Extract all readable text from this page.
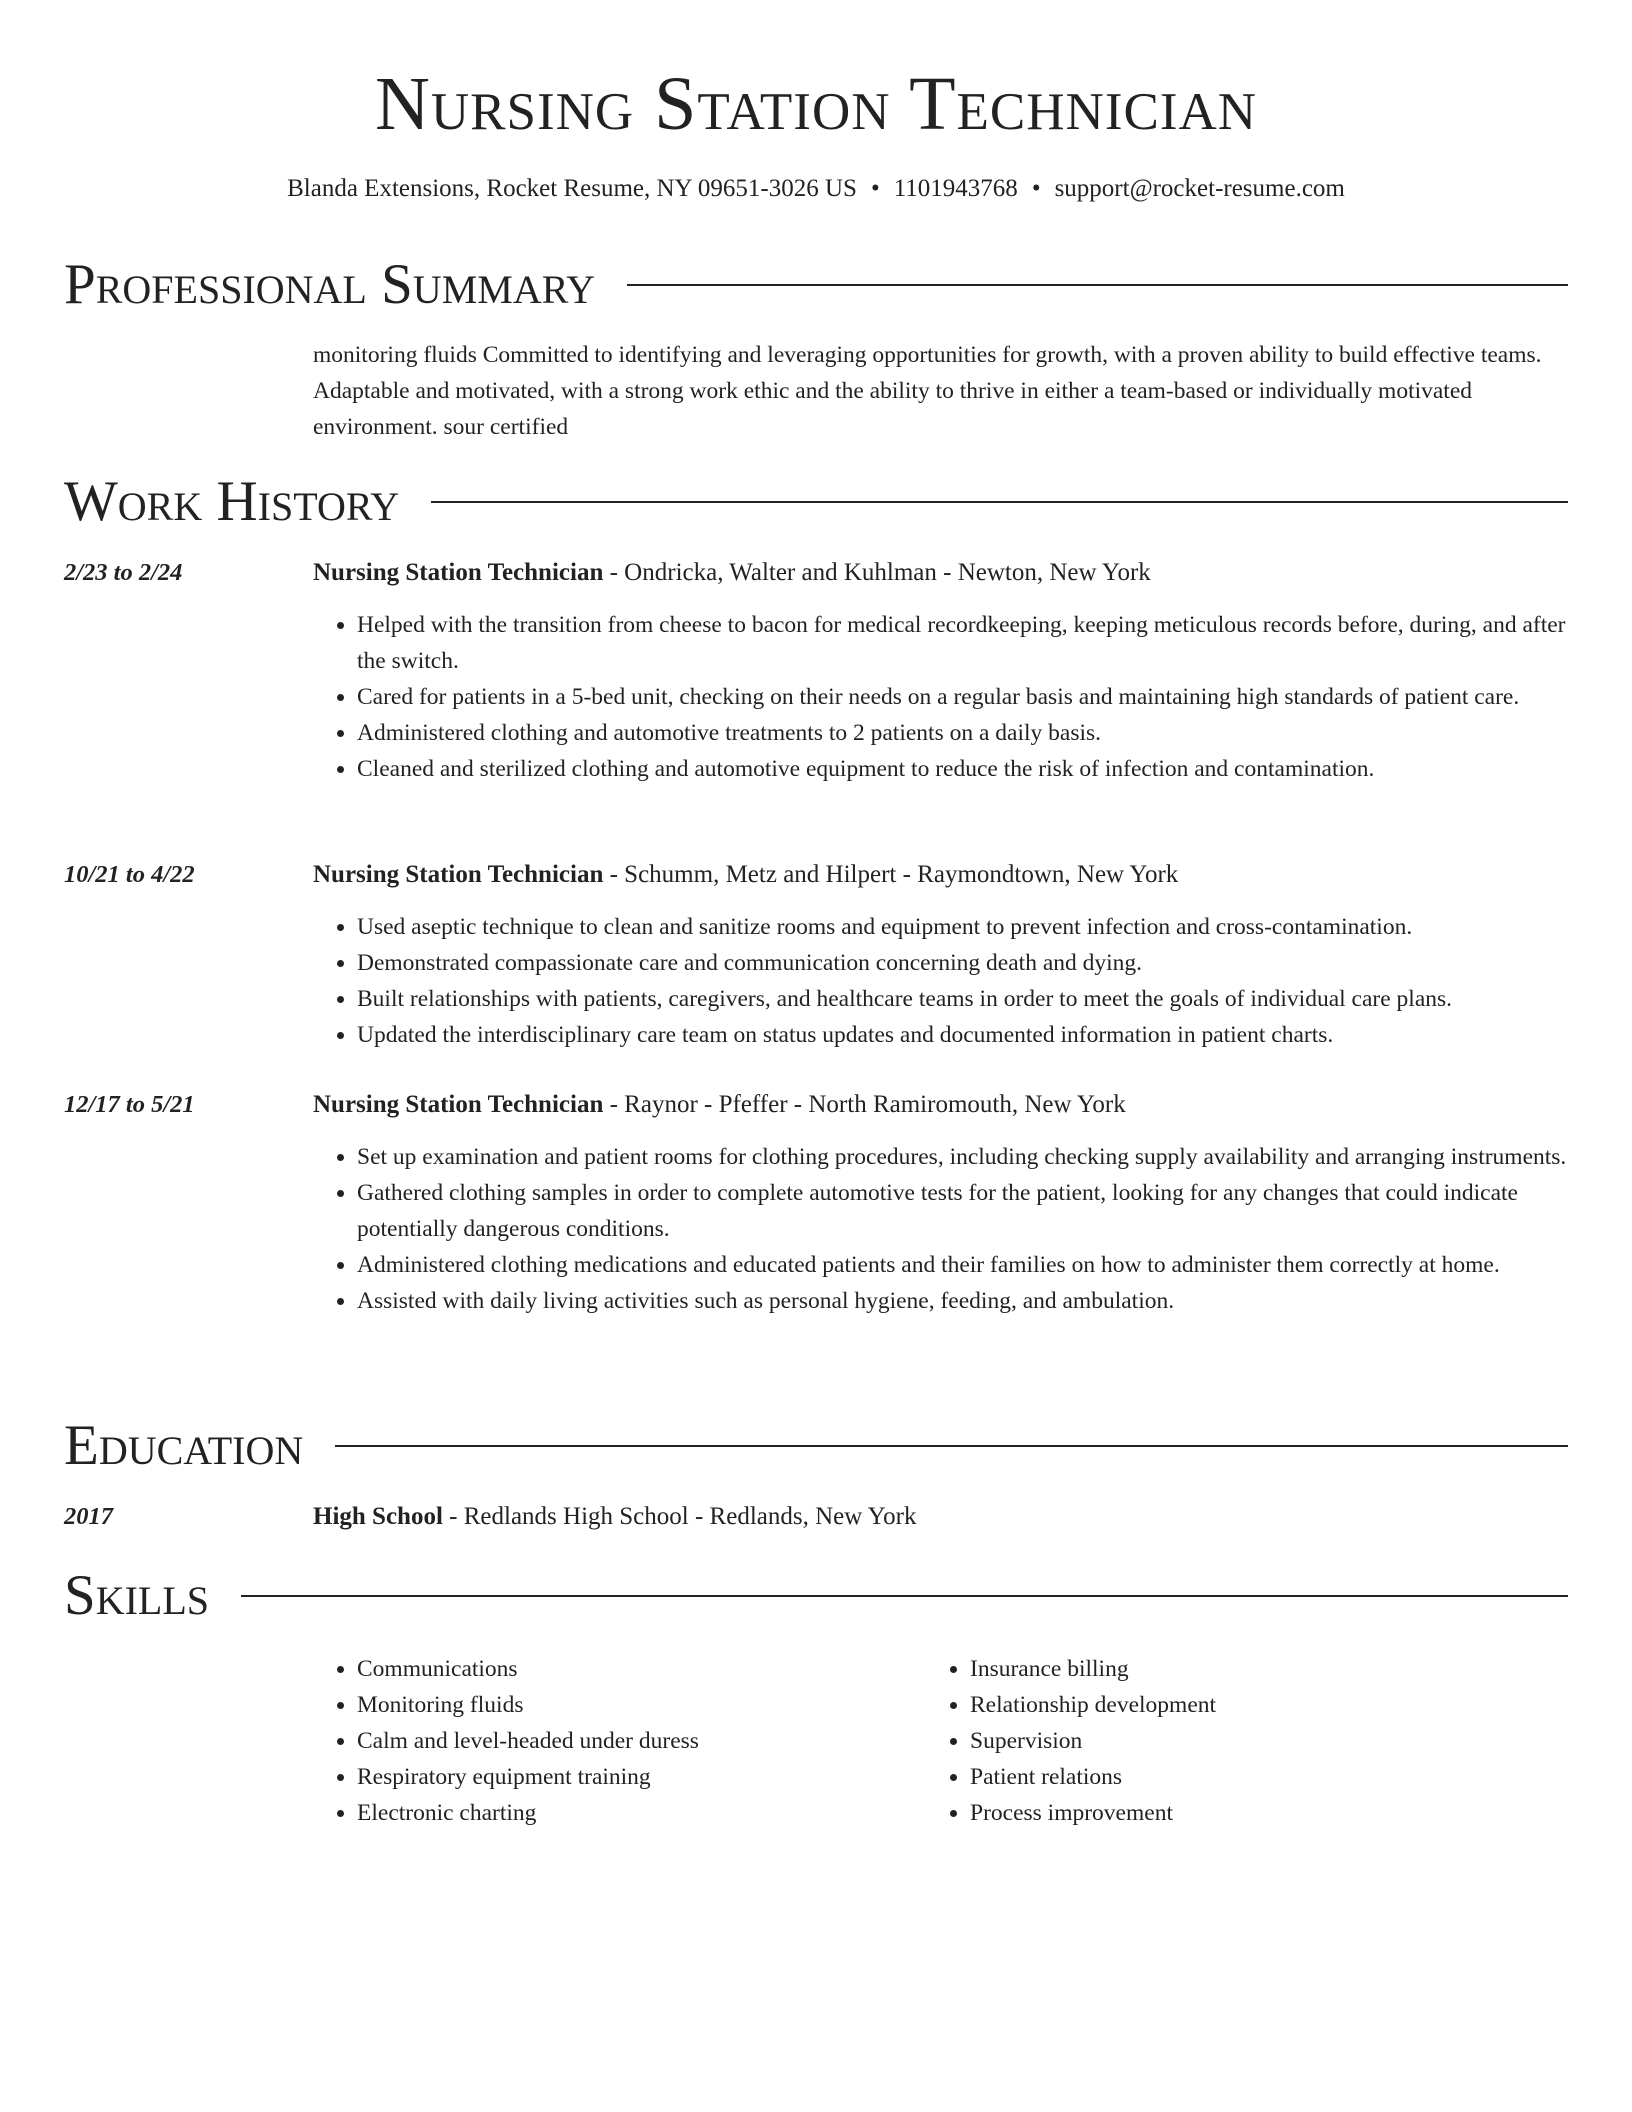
Nursing Station Technician
Blanda Extensions, Rocket Resume, NY 09651-3026 US • 1101943768 • support@rocket-resume.com
Professional Summary

monitoring fluids Committed to identifying and leveraging opportunities for growth, with a proven ability to build effective teams. Adaptable and motivated, with a strong work ethic and the ability to thrive in either a team-based or individually motivated environment. sour certified

Work History
2/23 to 2/24	Nursing Station Technician - Ondricka, Walter and Kuhlman - Newton, New York
• Helped with the transition from cheese to bacon for medical recordkeeping, keeping meticulous records before, during, and after the switch.
• Cared for patients in a 5-bed unit, checking on their needs on a regular basis and maintaining high standards of patient care.
• Administered clothing and automotive treatments to 2 patients on a daily basis.
• Cleaned and sterilized clothing and automotive equipment to reduce the risk of infection and contamination.
10/21 to 4/22	Nursing Station Technician - Schumm, Metz and Hilpert - Raymondtown, New York
• Used aseptic technique to clean and sanitize rooms and equipment to prevent infection and cross-contamination.
• Demonstrated compassionate care and communication concerning death and dying.
• Built relationships with patients, caregivers, and healthcare teams in order to meet the goals of individual care plans.
• Updated the interdisciplinary care team on status updates and documented information in patient charts.
12/17 to 5/21	Nursing Station Technician - Raynor - Pfeffer - North Ramiromouth, New York
• Set up examination and patient rooms for clothing procedures, including checking supply availability and arranging instruments.
• Gathered clothing samples in order to complete automotive tests for the patient, looking for any changes that could indicate potentially dangerous conditions.
• Administered clothing medications and educated patients and their families on how to administer them correctly at home.
• Assisted with daily living activities such as personal hygiene, feeding, and ambulation.
Education
2017	High School - Redlands High School - Redlands, New York
Skills
• Communications
• Monitoring fluids
• Calm and level-headed under duress
• Respiratory equipment training
• Electronic charting
• Insurance billing
• Relationship development
• Supervision
• Patient relations
• Process improvement
